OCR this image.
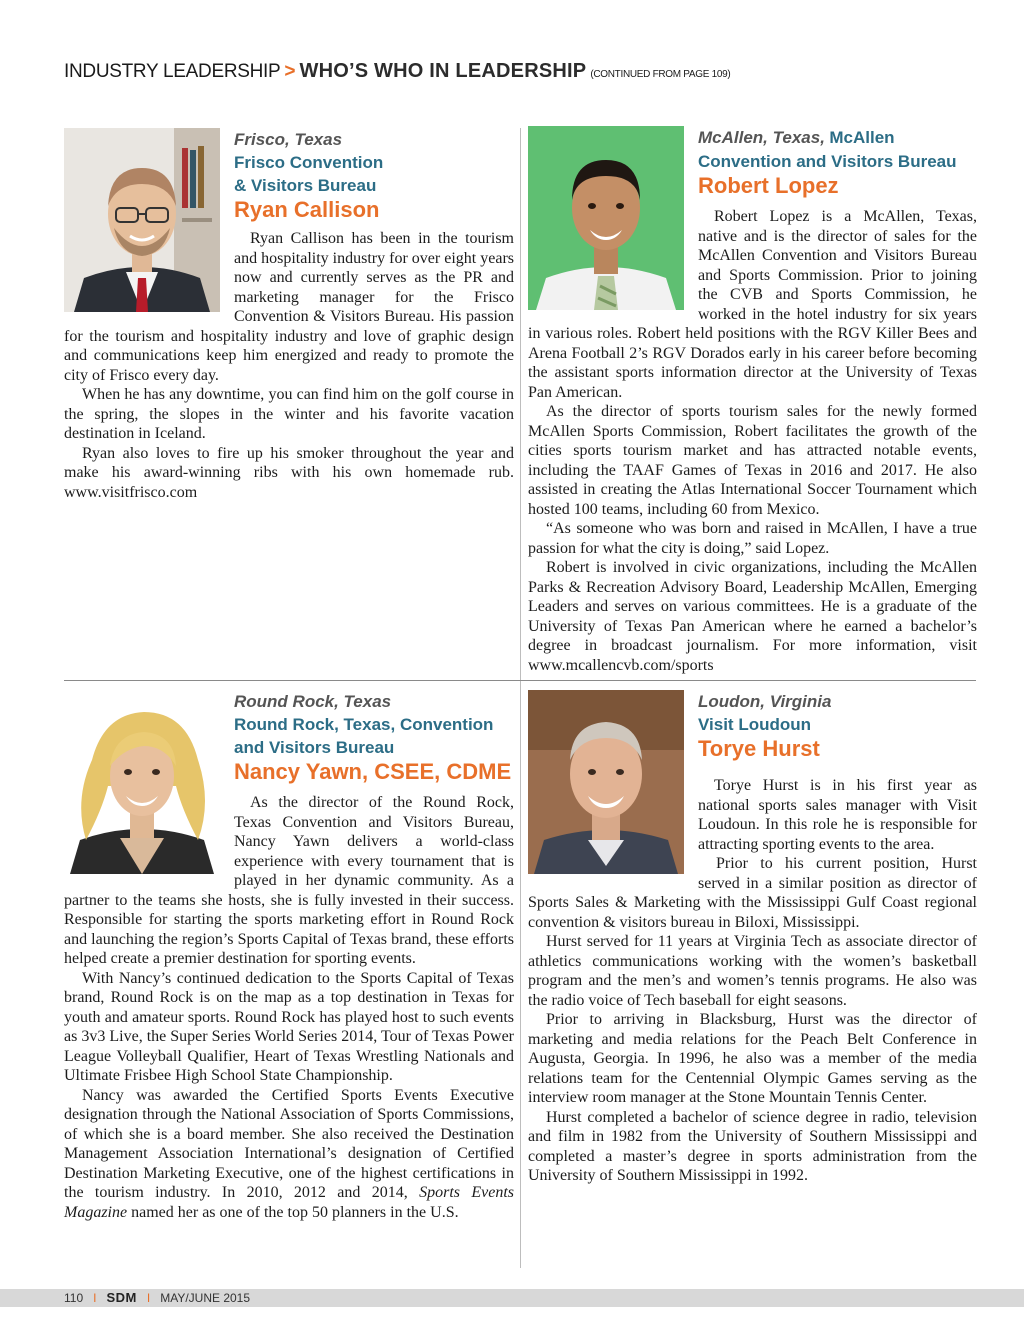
INDUSTRY LEADERSHIP > WHO’S WHO IN LEADERSHIP (CONTINUED FROM PAGE 109)
Frisco, Texas
Frisco Convention
& Visitors Bureau
Ryan Callison

Ryan Callison has been in the tourism and hospitality industry for over eight years now and currently serves as the PR and marketing manager for the Frisco Convention & Visitors Bureau. His passion for the tourism and hospitality industry and love of graphic design and communications keep him energized and ready to promote the city of Frisco every day.

When he has any downtime, you can find him on the golf course in the spring, the slopes in the winter and his favorite vacation destination in Iceland.

Ryan also loves to fire up his smoker throughout the year and make his award-winning ribs with his own homemade rub. www.visitfrisco.com

McAllen, Texas, McAllen
Convention and Visitors Bureau
Robert Lopez

Robert Lopez is a McAllen, Texas, native and is the director of sales for the McAllen Convention and Visitors Bureau and Sports Commission. Prior to joining the CVB and Sports Commission, he worked in the hotel industry for six years in various roles. Robert held positions with the RGV Killer Bees and Arena Football 2’s RGV Dorados early in his career before becoming the assistant sports information director at the University of Texas Pan American.

As the director of sports tourism sales for the newly formed McAllen Sports Commission, Robert facilitates the growth of the cities sports tourism market and has attracted notable events, including the TAAF Games of Texas in 2016 and 2017. He also assisted in creating the Atlas International Soccer Tournament which hosted 100 teams, including 60 from Mexico.

“As someone who was born and raised in McAllen, I have a true passion for what the city is doing,” said Lopez.

Robert is involved in civic organizations, including the McAllen Parks & Recreation Advisory Board, Leadership McAllen, Emerging Leaders and serves on various committees. He is a graduate of the University of Texas Pan American where he earned a bachelor’s degree in broadcast journalism. For more information, visit www.mcallencvb.com/sports

Round Rock, Texas
Round Rock, Texas, Convention
and Visitors Bureau
Nancy Yawn, CSEE, CDME

As the director of the Round Rock, Texas Convention and Visitors Bureau, Nancy Yawn delivers a world-class experience with every tournament that is played in her dynamic community. As a partner to the teams she hosts, she is fully invested in their success. Responsible for starting the sports marketing effort in Round Rock and launching the region’s Sports Capital of Texas brand, these efforts helped create a premier destination for sporting events.

With Nancy’s continued dedication to the Sports Capital of Texas brand, Round Rock is on the map as a top destination in Texas for youth and amateur sports. Round Rock has played host to such events as 3v3 Live, the Super Series World Series 2014, Tour of Texas Power League Volleyball Qualifier, Heart of Texas Wrestling Nationals and Ultimate Frisbee High School State Championship.

Nancy was awarded the Certified Sports Events Executive designation through the National Association of Sports Commissions, of which she is a board member. She also received the Destination Management Association International’s designation of Certified Destination Marketing Executive, one of the highest certifications in the tourism industry. In 2010, 2012 and 2014, Sports Events Magazine named her as one of the top 50 planners in the U.S.

Loudon, Virginia
Visit Loudoun
Torye Hurst

Torye Hurst is in his first year as national sports sales manager with Visit Loudoun. In this role he is responsible for attracting sporting events to the area.

Prior to his current position, Hurst served in a similar position as director of Sports Sales & Marketing with the Mississippi Gulf Coast regional convention & visitors bureau in Biloxi, Mississippi.

Hurst served for 11 years at Virginia Tech as associate director of athletics communications working with the women’s basketball program and the men’s and women’s tennis programs. He also was the radio voice of Tech baseball for eight seasons.

Prior to arriving in Blacksburg, Hurst was the director of marketing and media relations for the Peach Belt Conference in Augusta, Georgia. In 1996, he also was a member of the media relations team for the Centennial Olympic Games serving as the interview room manager at the Stone Mountain Tennis Center.

Hurst completed a bachelor of science degree in radio, television and film in 1982 from the University of Southern Mississippi and completed a master’s degree in sports administration from the University of Southern Mississippi in 1992.

110 I SDM I MAY/JUNE 2015
